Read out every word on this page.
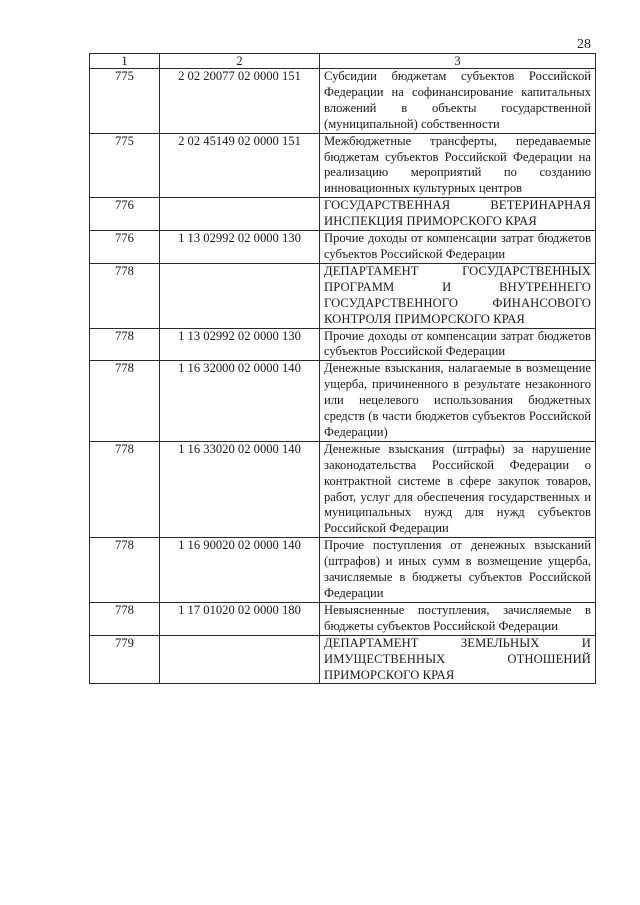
28
1	2	3
775	2 02 20077 02 0000 151	Субсидии бюджетам субъектов Российской Федерации на софинансирование капитальных вложений в объекты государственной (муниципальной) собственности
775	2 02 45149 02 0000 151	Межбюджетные трансферты, передаваемые бюджетам субъектов Российской Федерации на реализацию мероприятий по созданию инновационных культурных центров
776		ГОСУДАРСТВЕННАЯ ВЕТЕРИНАРНАЯ ИНСПЕКЦИЯ ПРИМОРСКОГО КРАЯ
776	1 13 02992 02 0000 130	Прочие доходы от компенсации затрат бюджетов субъектов Российской Федерации
778		ДЕПАРТАМЕНТ ГОСУДАРСТВЕННЫХ ПРОГРАММ И ВНУТРЕННЕГО ГОСУДАРСТВЕННОГО ФИНАНСОВОГО КОНТРОЛЯ ПРИМОРСКОГО КРАЯ
778	1 13 02992 02 0000 130	Прочие доходы от компенсации затрат бюджетов субъектов Российской Федерации
778	1 16 32000 02 0000 140	Денежные взыскания, налагаемые в возмещение ущерба, причиненного в результате незаконного или нецелевого использования бюджетных средств (в части бюджетов субъектов Российской Федерации)
778	1 16 33020 02 0000 140	Денежные взыскания (штрафы) за нарушение законодательства Российской Федерации о контрактной системе в сфере закупок товаров, работ, услуг для обеспечения государственных и муниципальных нужд для нужд субъектов Российской Федерации
778	1 16 90020 02 0000 140	Прочие поступления от денежных взысканий (штрафов) и иных сумм в возмещение ущерба, зачисляемые в бюджеты субъектов Российской Федерации
778	1 17 01020 02 0000 180	Невыясненные поступления, зачисляемые в бюджеты субъектов Российской Федерации
779		ДЕПАРТАМЕНТ ЗЕМЕЛЬНЫХ И ИМУЩЕСТВЕННЫХ ОТНОШЕНИЙ ПРИМОРСКОГО КРАЯ
